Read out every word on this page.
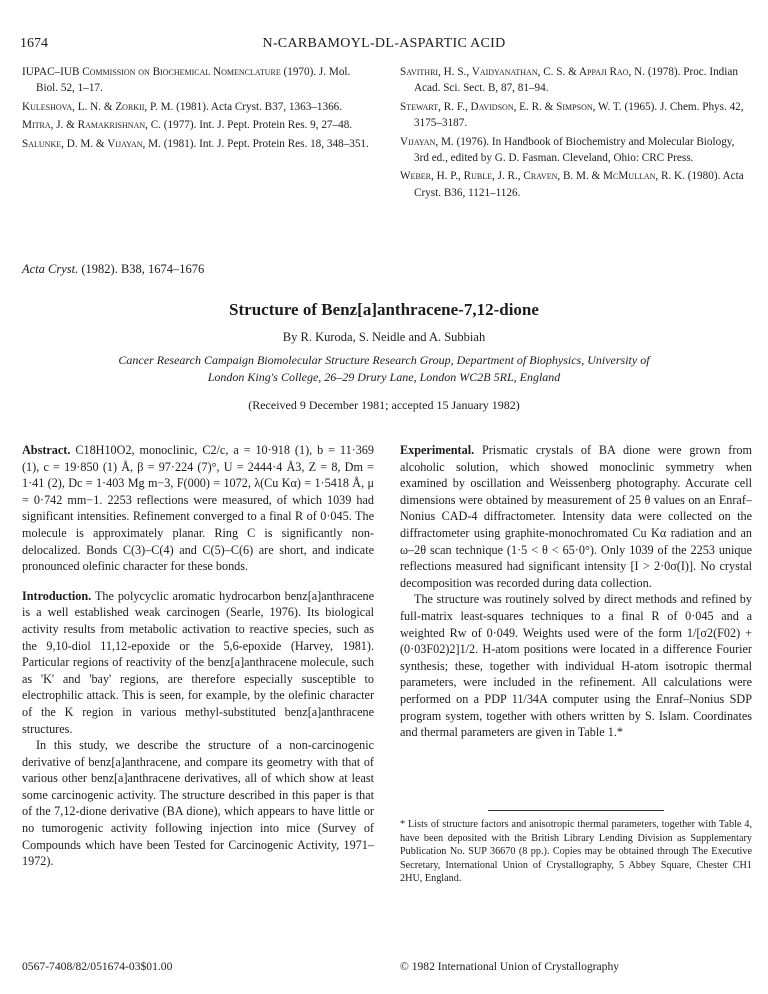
1674	N-CARBAMOYL-DL-ASPARTIC ACID
IUPAC–IUB Commission on Biochemical Nomenclature (1970). J. Mol. Biol. 52, 1–17.
Kuleshova, L. N. & Zorkii, P. M. (1981). Acta Cryst. B37, 1363–1366.
Mitra, J. & Ramakrishnan, C. (1977). Int. J. Pept. Protein Res. 9, 27–48.
Salunke, D. M. & Vijayan, M. (1981). Int. J. Pept. Protein Res. 18, 348–351.
Savithri, H. S., Vaidyanathan, C. S. & Appaji Rao, N. (1978). Proc. Indian Acad. Sci. Sect. B, 87, 81–94.
Stewart, R. F., Davidson, E. R. & Simpson, W. T. (1965). J. Chem. Phys. 42, 3175–3187.
Vijayan, M. (1976). In Handbook of Biochemistry and Molecular Biology, 3rd ed., edited by G. D. Fasman. Cleveland, Ohio: CRC Press.
Weber, H. P., Ruble, J. R., Craven, B. M. & McMullan, R. K. (1980). Acta Cryst. B36, 1121–1126.
Acta Cryst. (1982). B38, 1674–1676
Structure of Benz[a]anthracene-7,12-dione
By R. Kuroda, S. Neidle and A. Subbiah
Cancer Research Campaign Biomolecular Structure Research Group, Department of Biophysics, University of
London King's College, 26–29 Drury Lane, London WC2B 5RL, England
(Received 9 December 1981; accepted 15 January 1982)

Abstract. C18H10O2, monoclinic, C2/c, a = 10·918 (1), b = 11·369 (1), c = 19·850 (1) Å, β = 97·224 (7)°, U = 2444·4 Å3, Z = 8, Dm = 1·41 (2), Dc = 1·403 Mg m−3, F(000) = 1072, λ(Cu Kα) = 1·5418 Å, μ = 0·742 mm−1. 2253 reflections were measured, of which 1039 had significant intensities. Refinement converged to a final R of 0·045. The molecule is approximately planar. Ring C is significantly non-delocalized. Bonds C(3)–C(4) and C(5)–C(6) are short, and indicate pronounced olefinic character for these bonds.

Introduction. The polycyclic aromatic hydrocarbon benz[a]anthracene is a well established weak carcinogen (Searle, 1976). Its biological activity results from metabolic activation to reactive species, such as the 9,10-diol 11,12-epoxide or the 5,6-epoxide (Harvey, 1981). Particular regions of reactivity of the benz[a]anthracene molecule, such as 'K' and 'bay' regions, are therefore especially susceptible to electrophilic attack. This is seen, for example, by the olefinic character of the K region in various methyl-substituted benz[a]anthracene structures.

In this study, we describe the structure of a non-carcinogenic derivative of benz[a]anthracene, and compare its geometry with that of various other benz[a]anthracene derivatives, all of which show at least some carcinogenic activity. The structure described in this paper is that of the 7,12-dione derivative (BA dione), which appears to have little or no tumorogenic activity following injection into mice (Survey of Compounds which have been Tested for Carcinogenic Activity, 1971–1972).

Experimental. Prismatic crystals of BA dione were grown from alcoholic solution, which showed monoclinic symmetry when examined by oscillation and Weissenberg photography. Accurate cell dimensions were obtained by measurement of 25 θ values on an Enraf–Nonius CAD-4 diffractometer. Intensity data were collected on the diffractometer using graphite-monochromated Cu Kα radiation and an ω–2θ scan technique (1·5 < θ < 65·0°). Only 1039 of the 2253 unique reflections measured had significant intensity [I > 2·0σ(I)]. No crystal decomposition was recorded during data collection.

The structure was routinely solved by direct methods and refined by full-matrix least-squares techniques to a final R of 0·045 and a weighted Rw of 0·049. Weights used were of the form 1/[σ2(F02) + (0·03F02)2]1/2. H-atom positions were located in a difference Fourier synthesis; these, together with individual H-atom isotropic thermal parameters, were included in the refinement. All calculations were performed on a PDP 11/34A computer using the Enraf–Nonius SDP program system, together with others written by S. Islam. Coordinates and thermal parameters are given in Table 1.*

* Lists of structure factors and anisotropic thermal parameters, together with Table 4, have been deposited with the British Library Lending Division as Supplementary Publication No. SUP 36670 (8 pp.). Copies may be obtained through The Executive Secretary, International Union of Crystallography, 5 Abbey Square, Chester CH1 2HU, England.
0567-7408/82/051674-03$01.00	© 1982 International Union of Crystallography
